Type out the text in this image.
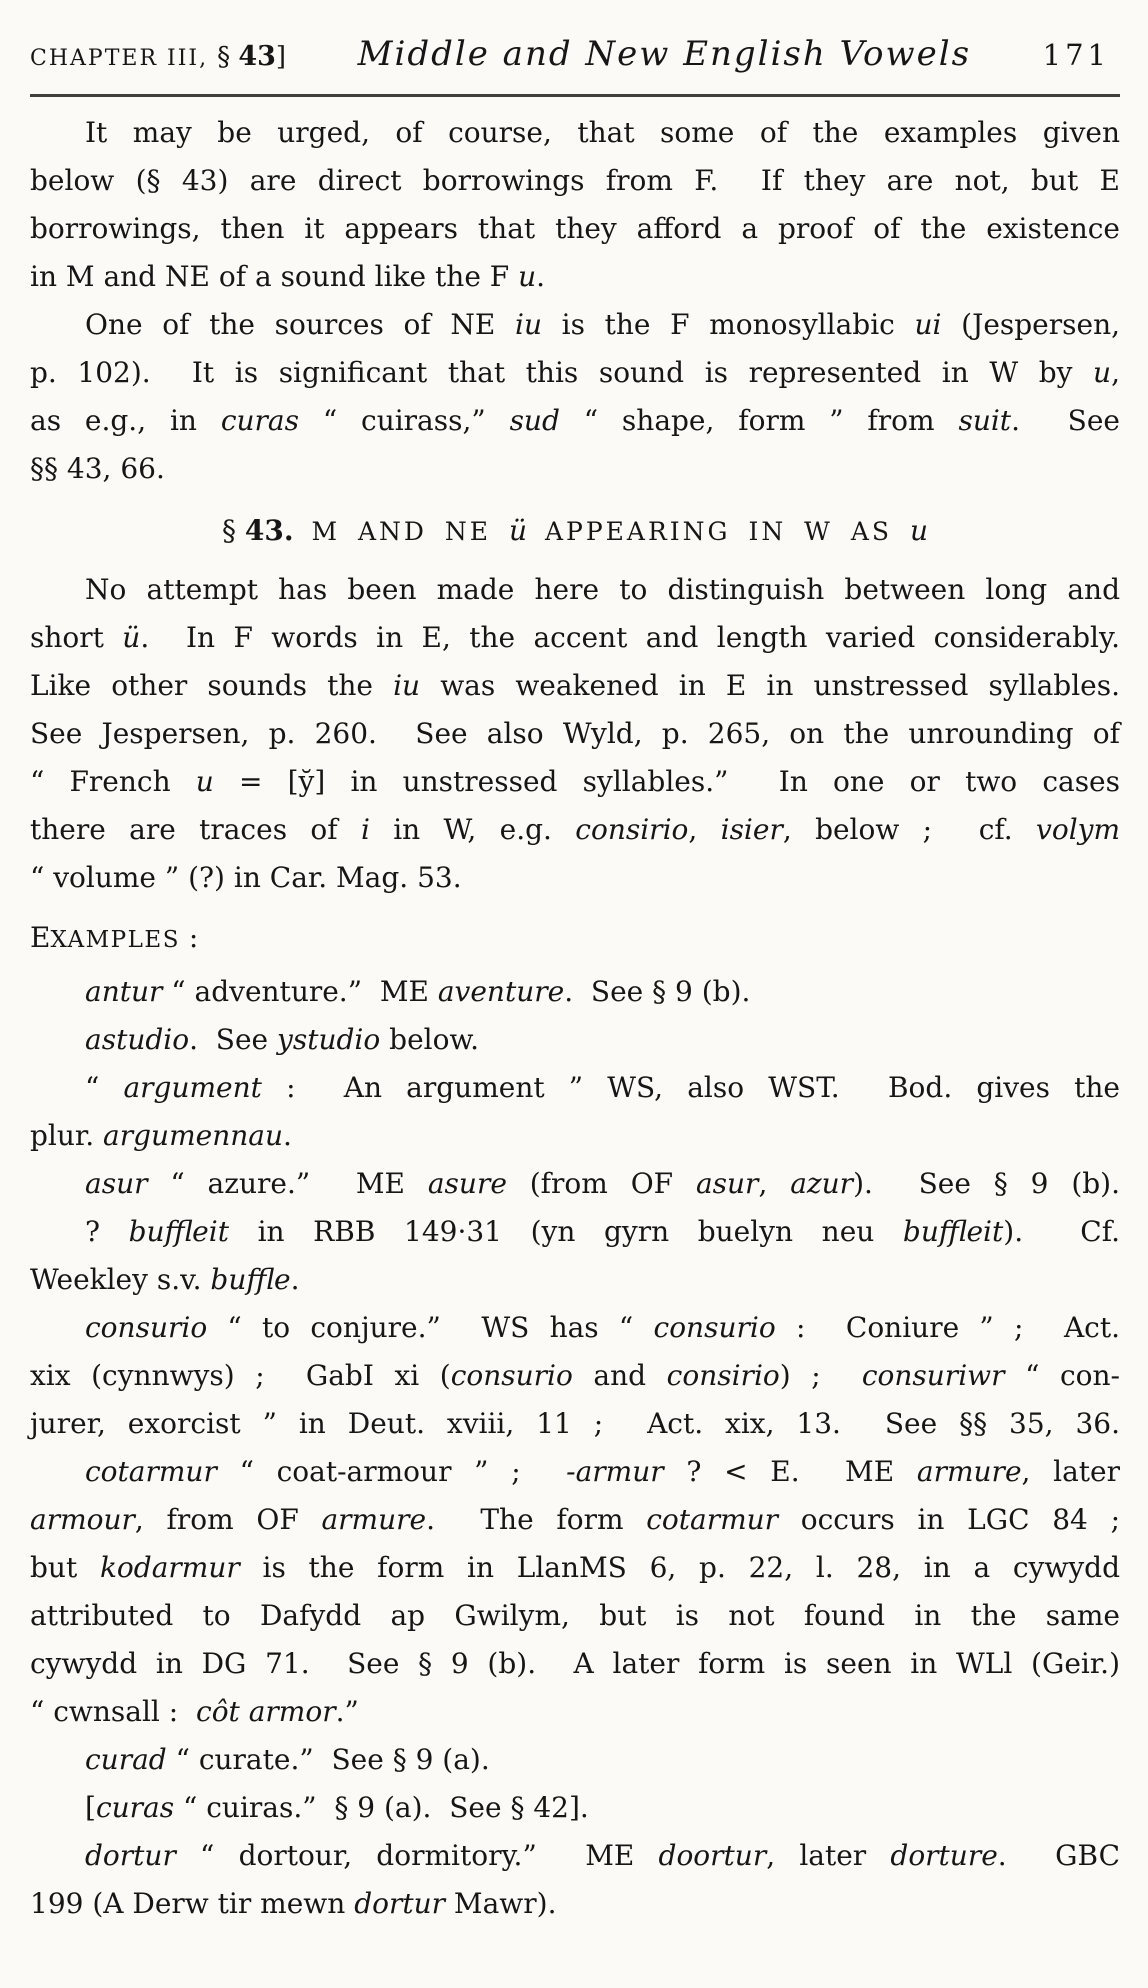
CHAPTER III, § 43]	Middle and New English Vowels	171
It may be urged, of course, that some of the examples given
below (§ 43) are direct borrowings from F.  If they are not, but E
borrowings, then it appears that they afford a proof of the existence
in M and NE of a sound like the F u.
One of the sources of NE iu is the F monosyllabic ui (Jespersen,
p. 102).  It is significant that this sound is represented in W by u,
as e.g., in curas “ cuirass,” sud “ shape, form ” from suit.  See
§§ 43, 66.
§ 43. M AND NE ü APPEARING IN W AS u
No attempt has been made here to distinguish between long and
short ü.  In F words in E, the accent and length varied considerably.
Like other sounds the iu was weakened in E in unstressed syllables.
See Jespersen, p. 260.  See also Wyld, p. 265, on the unrounding of
“ French u = [y̆] in unstressed syllables.”  In one or two cases
there are traces of i in W, e.g. consirio, isier, below ;  cf. volym
“ volume ” (?) in Car. Mag. 53.
EXAMPLES :
antur “ adventure.”  ME aventure.  See § 9 (b).
astudio.  See ystudio below.
“ argument :  An argument ” WS, also WST.  Bod. gives the
plur. argumennau.
asur “ azure.”  ME asure (from OF asur, azur).  See § 9 (b).
? buffleit in RBB 149·31 (yn gyrn buelyn neu buffleit).  Cf.
Weekley s.v. buffle.
consurio “ to conjure.”  WS has “ consurio :  Coniure ” ;  Act.
xix (cynnwys) ;  GabI xi (consurio and consirio) ;  consuriwr “ con-
jurer, exorcist ” in Deut. xviii, 11 ;  Act. xix, 13.  See §§ 35, 36.
cotarmur “ coat-armour ” ;  -armur ? < E.  ME armure, later
armour, from OF armure.  The form cotarmur occurs in LGC 84 ;
but kodarmur is the form in LlanMS 6, p. 22, l. 28, in a cywydd
attributed to Dafydd ap Gwilym, but is not found in the same
cywydd in DG 71.  See § 9 (b).  A later form is seen in WLl (Geir.)
“ cwnsall :  côt armor.”
curad “ curate.”  See § 9 (a).
[curas “ cuiras.”  § 9 (a).  See § 42].
dortur “ dortour, dormitory.”  ME doortur, later dorture.  GBC
199 (A Derw tir mewn dortur Mawr).
